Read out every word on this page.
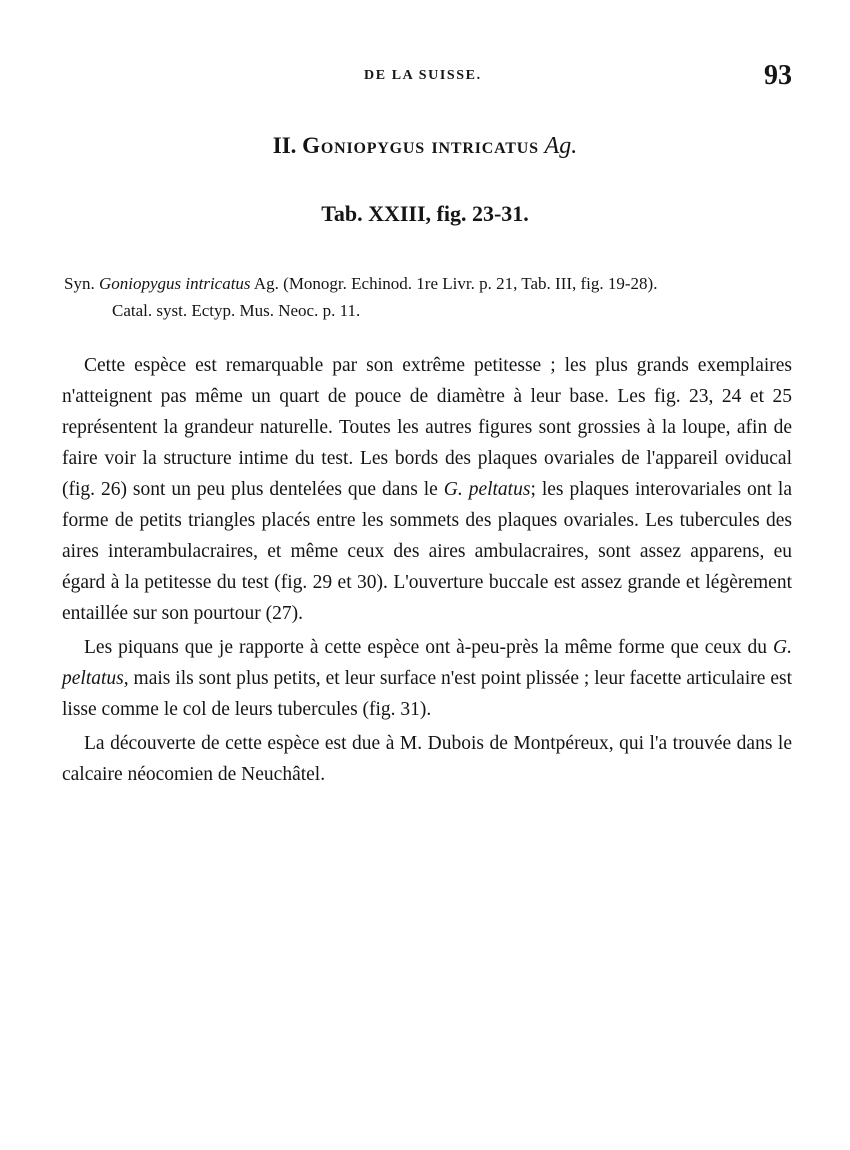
DE LA SUISSE.	93
II. Goniopygus intricatus Ag.
Tab. XXIII, fig. 23-31.
Syn. Goniopygus intricatus Ag. (Monogr. Echinod. 1re Livr. p. 21, Tab. III, fig. 19-28).
Catal. syst. Ectyp. Mus. Neoc. p. 11.

Cette espèce est remarquable par son extrême petitesse ; les plus grands exemplaires n'atteignent pas même un quart de pouce de diamètre à leur base. Les fig. 23, 24 et 25 représentent la grandeur naturelle. Toutes les autres figures sont grossies à la loupe, afin de faire voir la structure intime du test. Les bords des plaques ovariales de l'appareil oviducal (fig. 26) sont un peu plus dentelées que dans le G. peltatus; les plaques interovariales ont la forme de petits triangles placés entre les sommets des plaques ovariales. Les tubercules des aires interambulacraires, et même ceux des aires ambulacraires, sont assez apparens, eu égard à la petitesse du test (fig. 29 et 30). L'ouverture buccale est assez grande et légèrement entaillée sur son pourtour (27).

Les piquans que je rapporte à cette espèce ont à-peu-près la même forme que ceux du G. peltatus, mais ils sont plus petits, et leur surface n'est point plissée ; leur facette articulaire est lisse comme le col de leurs tubercules (fig. 31).

La découverte de cette espèce est due à M. Dubois de Montpéreux, qui l'a trouvée dans le calcaire néocomien de Neuchâtel.
